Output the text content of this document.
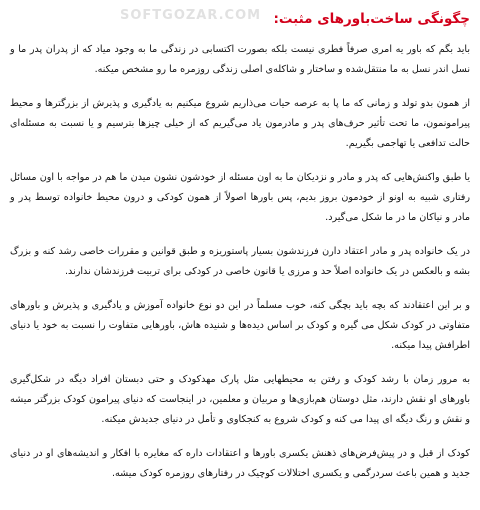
SOFTGOZAR.COM چگونگی ساخت‌باورهای مثبت:

باید بگم که باور یه امری صرفاً فطری نیست بلکه بصورت اکتسابی در زندگی ما به وجود میاد که از پدران پدر ما و نسل اندر نسل به ما منتقل‌شده و ساختار و شاکله‌ی اصلی زندگی روزمره ما رو مشخص میکنه.

از همون بدو تولد و زمانی که ما پا به عرصه حیات می‌ذاریم شروع میکنیم به یادگیری و پذیرش از بزرگترها و محیط پیرامونمون، ما تحت تأثیر حرف‌های پدر و مادرمون یاد می‌گیریم که از خیلی چیزها بترسیم و یا نسبت به مسئله‌ای حالت تدافعی یا تهاجمی بگیریم.

یا طبق واکنش‌هایی که پدر و مادر و نزدیکان ما به اون مسئله از خودشون نشون میدن ما هم در مواجه با اون مسائل رفتاری شبیه به اونو از خودمون بروز بدیم، پس باورها اصولاً از همون کودکی و درون محیط خانواده توسط پدر و مادر و نیاکان ما در ما شکل می‌گیرد.

در یک خانواده پدر و مادر اعتقاد دارن فرزندشون بسیار پاستوریزه و طبق قوانین و مقررات خاصی رشد کنه و بزرگ بشه و بالعکس در یک خانواده اصلاً حد و مرزی یا قانون خاصی در کودکی برای تربیت فرزندشان ندارند.

و بر این اعتقادند که بچه باید بچگی کنه، خوب مسلماً در این دو نوع خانواده آموزش و یادگیری و پذیرش و باورهای متفاوتی در کودک شکل می گیره و کودک بر اساس دیده‌ها و شنیده هاش، باورهایی متفاوت را نسبت به خود یا دنیای اطرافش پیدا میکنه.

به مرور زمان با رشد کودک و رفتن به محیطهایی مثل پارک مهدکودک و حتی دبستان افراد دیگه در شکل‌گیری باورهای او نقش دارند، مثل دوستان هم‌بازی‌ها و مربیان و معلمین، در اینجاست که دنیای پیرامون کودک بزرگتر میشه و نقش و رنگ دیگه ای پیدا می کنه و کودک شروع به کنجکاوی و تأمل در دنیای جدیدش میکنه.

کودک از قبل و در پیش‌فرض‌های ذهنش یکسری باورها و اعتقادات داره که مغایره با افکار و اندیشه‌های او در دنیای جدید و همین باعث سردرگمی و یکسری اختلالات کوچیک در رفتارهای روزمره کودک میشه.
